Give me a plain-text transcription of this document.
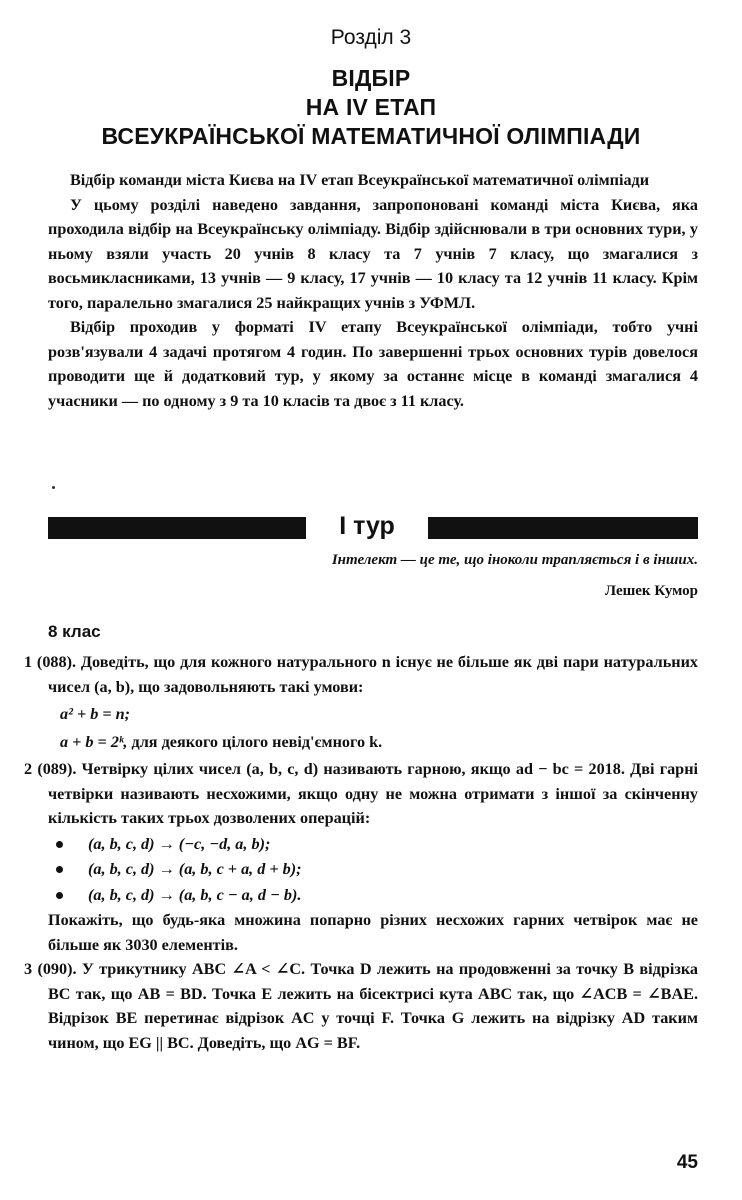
Розділ 3
ВІДБІР
НА IV ЕТАП
ВСЕУКРАЇНСЬКОЇ МАТЕМАТИЧНОЇ ОЛІМПІАДИ

Відбір команди міста Києва на IV етап Всеукраїнської математичної олімпіади

У цьому розділі наведено завдання, запропоновані команді міста Києва, яка проходила відбір на Всеукраїнську олімпіаду. Відбір здійснювали в три основних тури, у ньому взяли участь 20 учнів 8 класу та 7 учнів 7 класу, що змагалися з восьмикласниками, 13 учнів — 9 класу, 17 учнів — 10 класу та 12 учнів 11 класу. Крім того, паралельно змагалися 25 найкращих учнів з УФМЛ.

Відбір проходив у форматі IV етапу Всеукраїнської олімпіади, тобто учні розв'язували 4 задачі протягом 4 годин. По завершенні трьох основних турів довелося проводити ще й додатковий тур, у якому за останнє місце в команді змагалися 4 учасники — по одному з 9 та 10 класів та двоє з 11 класу.

І тур
Інтелект — це те, що іноколи трапляється і в інших.
Лешек Кумор
8 клас
1 (088). Доведіть, що для кожного натурального n існує не більше як дві пари натуральних чисел (a, b), що задовольняють такі умови:
a² + b = n;
a + b = 2ᵏ, для деякого цілого невід'ємного k.
2 (089). Четвірку цілих чисел (a, b, c, d) називають гарною, якщо ad − bc = 2018. Дві гарні четвірки називають несхожими, якщо одну не можна отримати з іншої за скінченну кількість таких трьох дозволених операцій:
(a, b, c, d) → (−c, −d, a, b);
(a, b, c, d) → (a, b, c + a, d + b);
(a, b, c, d) → (a, b, c − a, d − b).
Покажіть, що будь-яка множина попарно різних несхожих гарних четвірок має не більше як 3030 елементів.
3 (090). У трикутнику ABC ∠A < ∠C. Точка D лежить на продовженні за точку B відрізка BC так, що AB = BD. Точка E лежить на бісектрисі кута ABC так, що ∠ACB = ∠BAE. Відрізок BE перетинає відрізок AC у точці F. Точка G лежить на відрізку AD таким чином, що EG || BC. Доведіть, що AG = BF.
45
